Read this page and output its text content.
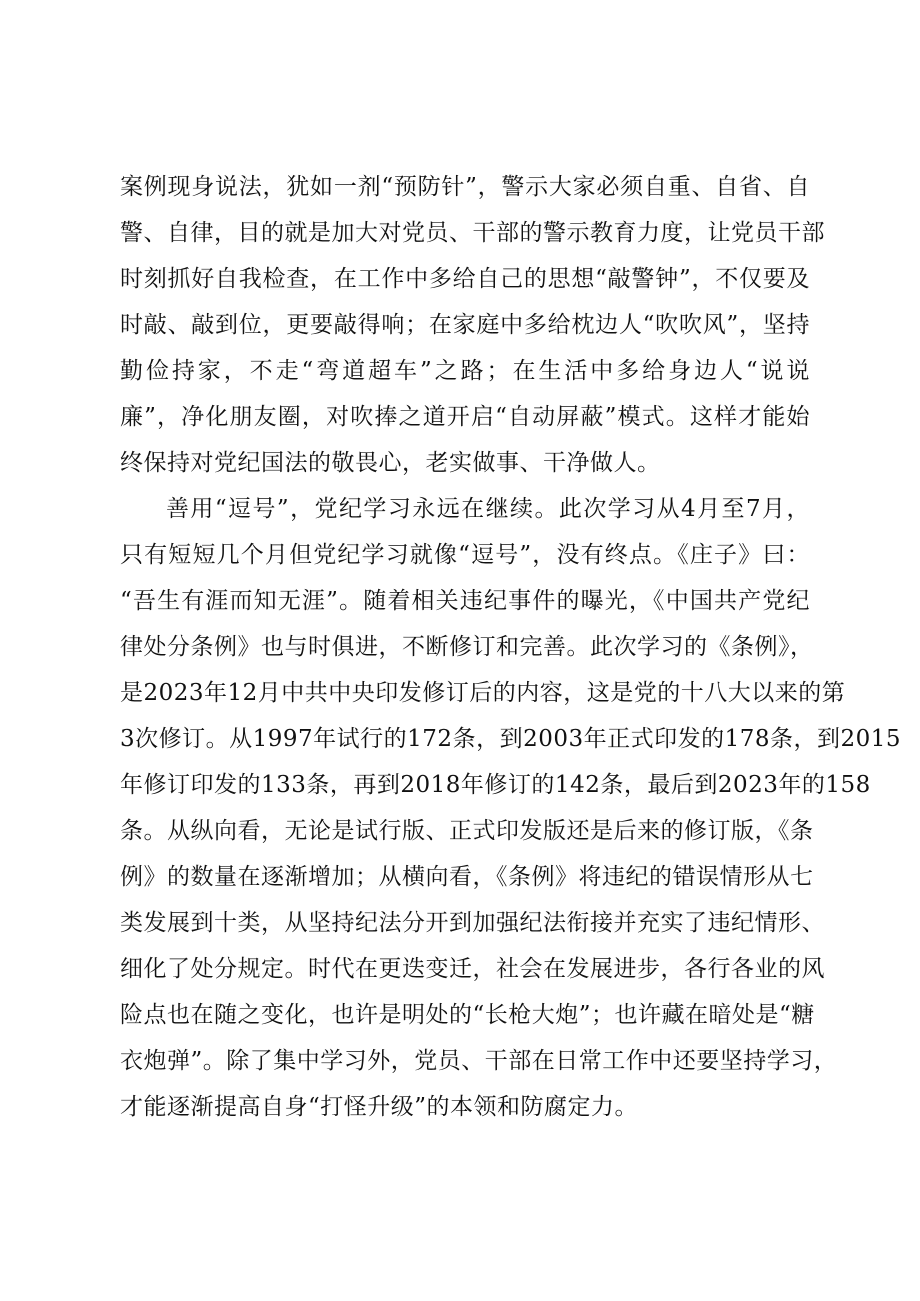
案例现身说法，犹如一剂“预防针”，警示大家必须自重、自省、自
警、自律，目的就是加大对党员、干部的警示教育力度，让党员干部
时刻抓好自我检查，在工作中多给自己的思想“敲警钟”，不仅要及
时敲、敲到位，更要敲得响；在家庭中多给枕边人“吹吹风”，坚持
勤俭持家，不走“弯道超车”之路；在生活中多给身边人“说说
廉”，净化朋友圈，对吹捧之道开启“自动屏蔽”模式。这样才能始
终保持对党纪国法的敬畏心，老实做事、干净做人。
善用“逗号”，党纪学习永远在继续。此次学习从4月至7月，
只有短短几个月但党纪学习就像“逗号”，没有终点。《庄子》曰：
“吾生有涯而知无涯”。随着相关违纪事件的曝光，《中国共产党纪
律处分条例》也与时俱进，不断修订和完善。此次学习的《条例》，
是2023年12月中共中央印发修订后的内容，这是党的十八大以来的第
3次修订。从1997年试行的172条，到2003年正式印发的178条，到2015
年修订印发的133条，再到2018年修订的142条，最后到2023年的158
条。从纵向看，无论是试行版、正式印发版还是后来的修订版，《条
例》的数量在逐渐增加；从横向看，《条例》将违纪的错误情形从七
类发展到十类，从坚持纪法分开到加强纪法衔接并充实了违纪情形、
细化了处分规定。时代在更迭变迁，社会在发展进步，各行各业的风
险点也在随之变化，也许是明处的“长枪大炮”；也许藏在暗处是“糖
衣炮弹”。除了集中学习外，党员、干部在日常工作中还要坚持学习，
才能逐渐提高自身“打怪升级”的本领和防腐定力。
